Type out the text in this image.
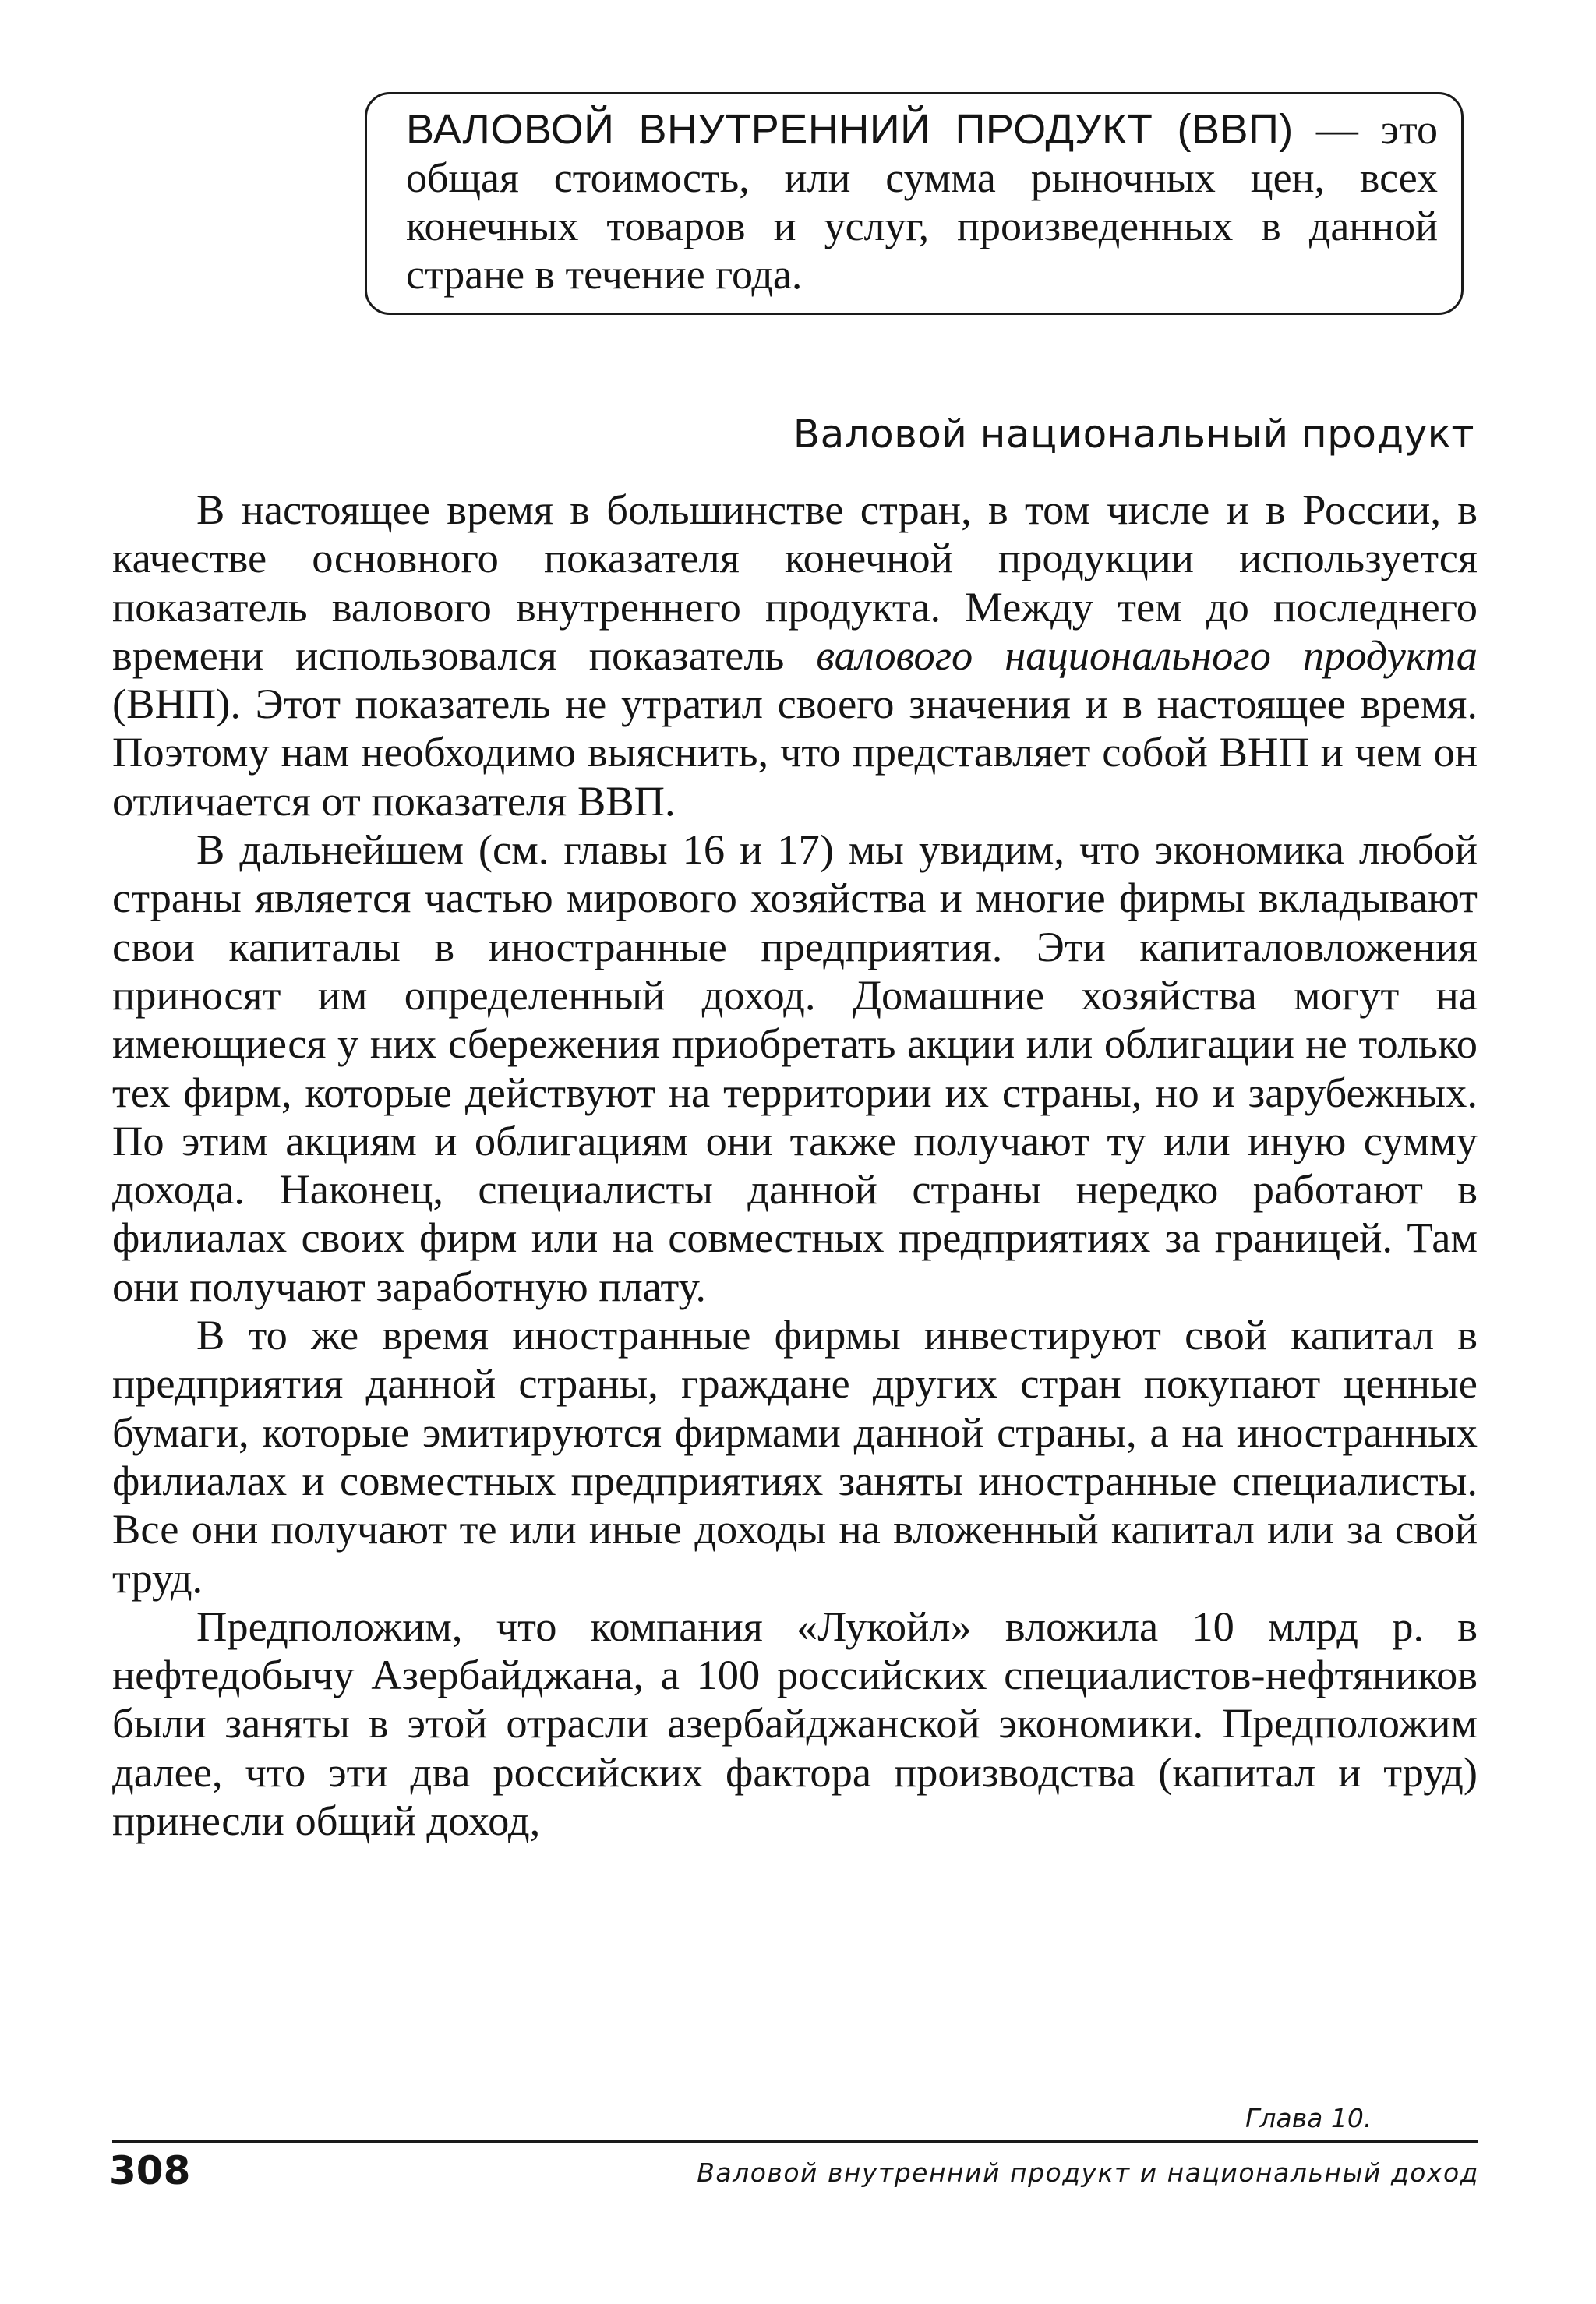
ВАЛОВОЙ ВНУТРЕННИЙ ПРОДУКТ (ВВП) — это общая стоимость, или сумма рыночных цен, всех конечных товаров и услуг, произведенных в данной стране в течение года.
Валовой национальный продукт

В настоящее время в большинстве стран, в том числе и в России, в качестве основного показателя конечной продукции используется показатель валового внутреннего продукта. Между тем до последнего времени использовался показатель валового национального продукта (ВНП). Этот показатель не утратил своего значения и в настоящее время. Поэтому нам необходимо выяснить, что представляет собой ВНП и чем он отличается от показателя ВВП.

В дальнейшем (см. главы 16 и 17) мы увидим, что экономика любой страны является частью мирового хозяйства и многие фирмы вкладывают свои капиталы в иностранные предприятия. Эти капиталовложения приносят им определенный доход. Домашние хозяйства могут на имеющиеся у них сбережения приобретать акции или облигации не только тех фирм, которые действуют на территории их страны, но и зарубежных. По этим акциям и облигациям они также получают ту или иную сумму дохода. Наконец, специалисты данной страны нередко работают в филиалах своих фирм или на совместных предприятиях за границей. Там они получают заработную плату.

В то же время иностранные фирмы инвестируют свой капитал в предприятия данной страны, граждане других стран покупают ценные бумаги, которые эмитируются фирмами данной страны, а на иностранных филиалах и совместных предприятиях заняты иностранные специалисты. Все они получают те или иные доходы на вложенный капитал или за свой труд.

Предположим, что компания «Лукойл» вложила 10 млрд р. в нефтедобычу Азербайджана, а 100 российских специалистов-нефтяников были заняты в этой отрасли азербайджанской экономики. Предположим далее, что эти два российских фактора производства (капитал и труд) принесли общий доход,

Глава 10.
308	Валовой внутренний продукт и национальный доход
